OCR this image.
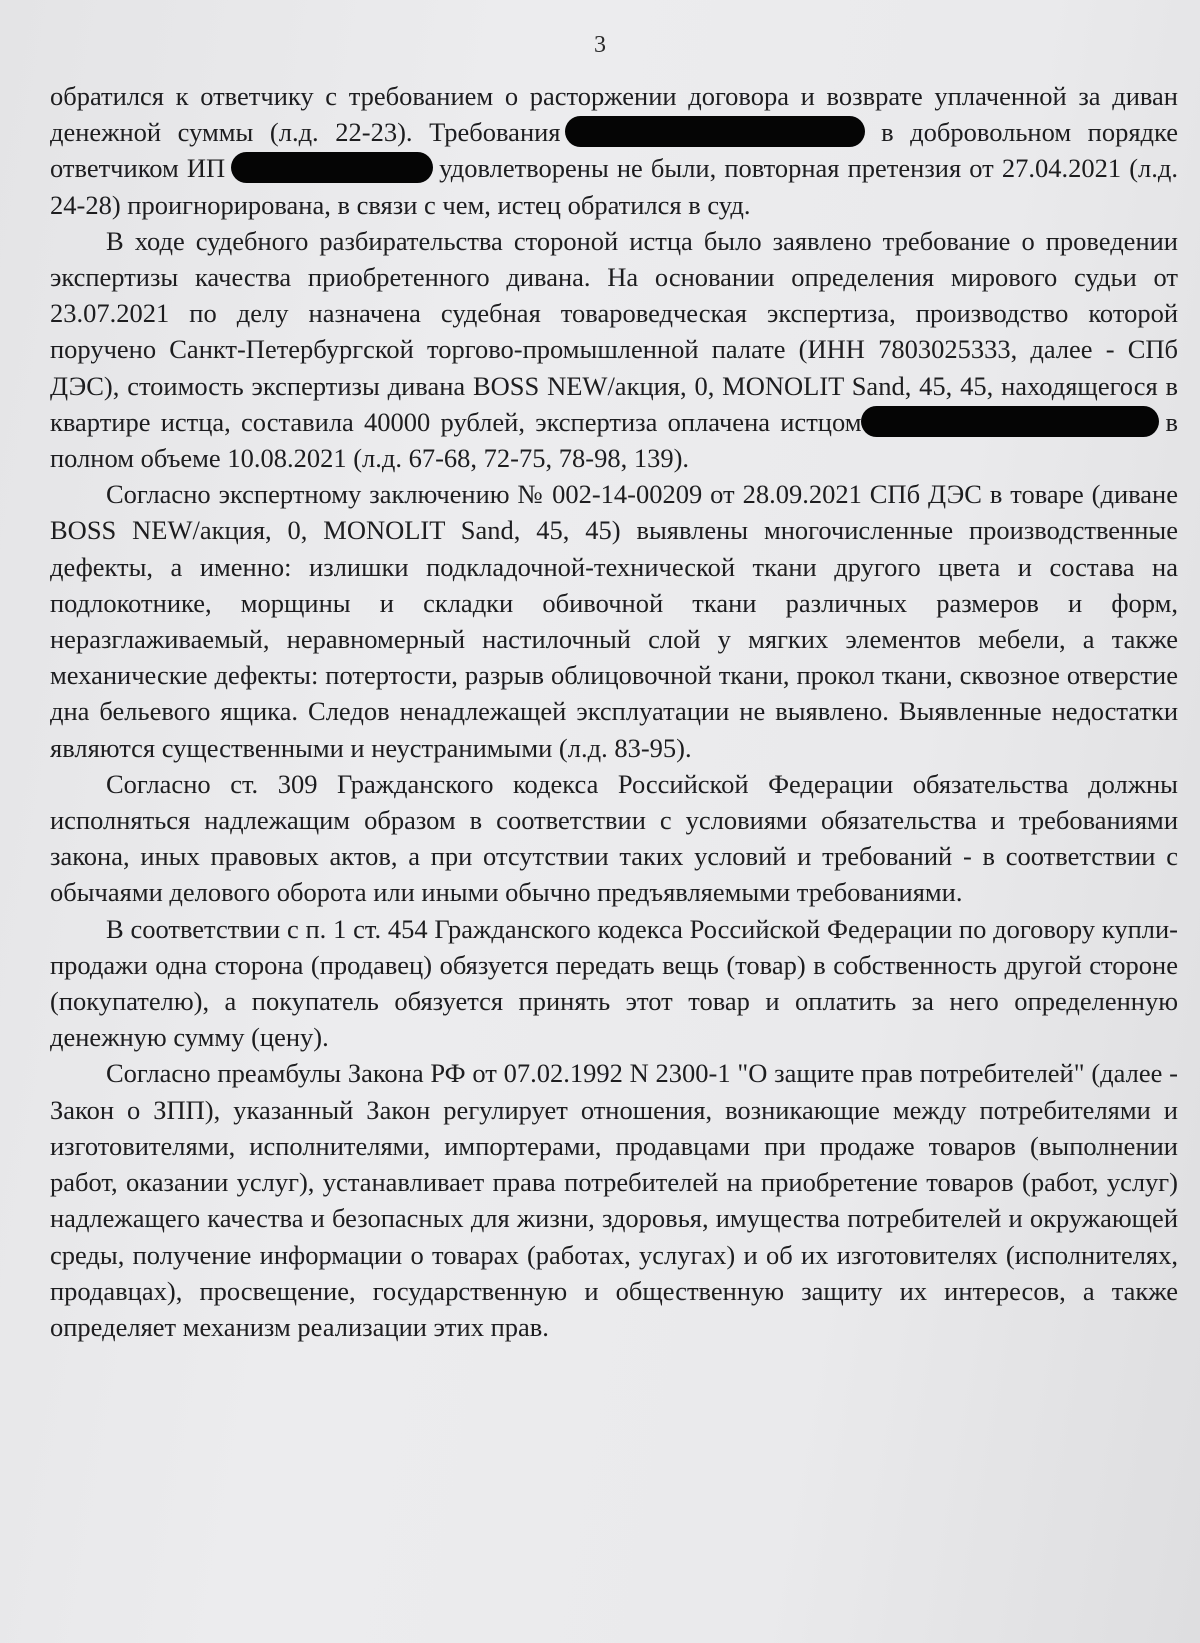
3

обратился к ответчику с требованием о расторжении договора и возврате уплаченной за диван денежной суммы (л.д. 22-23). Требования	в добровольном порядке ответчиком ИП	удовлетворены не были, повторная претензия от 27.04.2021 (л.д. 24-28) проигнорирована, в связи с чем, истец обратился в суд.

В ходе судебного разбирательства стороной истца было заявлено требование о проведении экспертизы качества приобретенного дивана. На основании определения мирового судьи от 23.07.2021 по делу назначена судебная товароведческая экспертиза, производство которой поручено Санкт-Петербургской торгово-промышленной палате (ИНН 7803025333, далее - СПб ДЭС), стоимость экспертизы дивана BOSS NEW/акция, 0, MONOLIT Sand, 45, 45, находящегося в квартире истца, составила 40000 рублей, экспертиза оплачена истцом	в полном объеме 10.08.2021 (л.д. 67-68, 72-75, 78-98, 139).

Согласно экспертному заключению № 002-14-00209 от 28.09.2021 СПб ДЭС в товаре (диване BOSS NEW/акция, 0, MONOLIT Sand, 45, 45) выявлены многочисленные производственные дефекты, а именно: излишки подкладочной-технической ткани другого цвета и состава на подлокотнике, морщины и складки обивочной ткани различных размеров и форм, неразглаживаемый, неравномерный настилочный слой у мягких элементов мебели, а также механические дефекты: потертости, разрыв облицовочной ткани, прокол ткани, сквозное отверстие дна бельевого ящика. Следов ненадлежащей эксплуатации не выявлено. Выявленные недостатки являются существенными и неустранимыми (л.д. 83-95).

Согласно ст. 309 Гражданского кодекса Российской Федерации обязательства должны исполняться надлежащим образом в соответствии с условиями обязательства и требованиями закона, иных правовых актов, а при отсутствии таких условий и требований - в соответствии с обычаями делового оборота или иными обычно предъявляемыми требованиями.

В соответствии с п. 1 ст. 454 Гражданского кодекса Российской Федерации по договору купли-продажи одна сторона (продавец) обязуется передать вещь (товар) в собственность другой стороне (покупателю), а покупатель обязуется принять этот товар и оплатить за него определенную денежную сумму (цену).

Согласно преамбулы Закона РФ от 07.02.1992 N 2300-1 "О защите прав потребителей" (далее - Закон о ЗПП), указанный Закон регулирует отношения, возникающие между потребителями и изготовителями, исполнителями, импортерами, продавцами при продаже товаров (выполнении работ, оказании услуг), устанавливает права потребителей на приобретение товаров (работ, услуг) надлежащего качества и безопасных для жизни, здоровья, имущества потребителей и окружающей среды, получение информации о товарах (работах, услугах) и об их изготовителях (исполнителях, продавцах), просвещение, государственную и общественную защиту их интересов, а также определяет механизм реализации этих прав.
